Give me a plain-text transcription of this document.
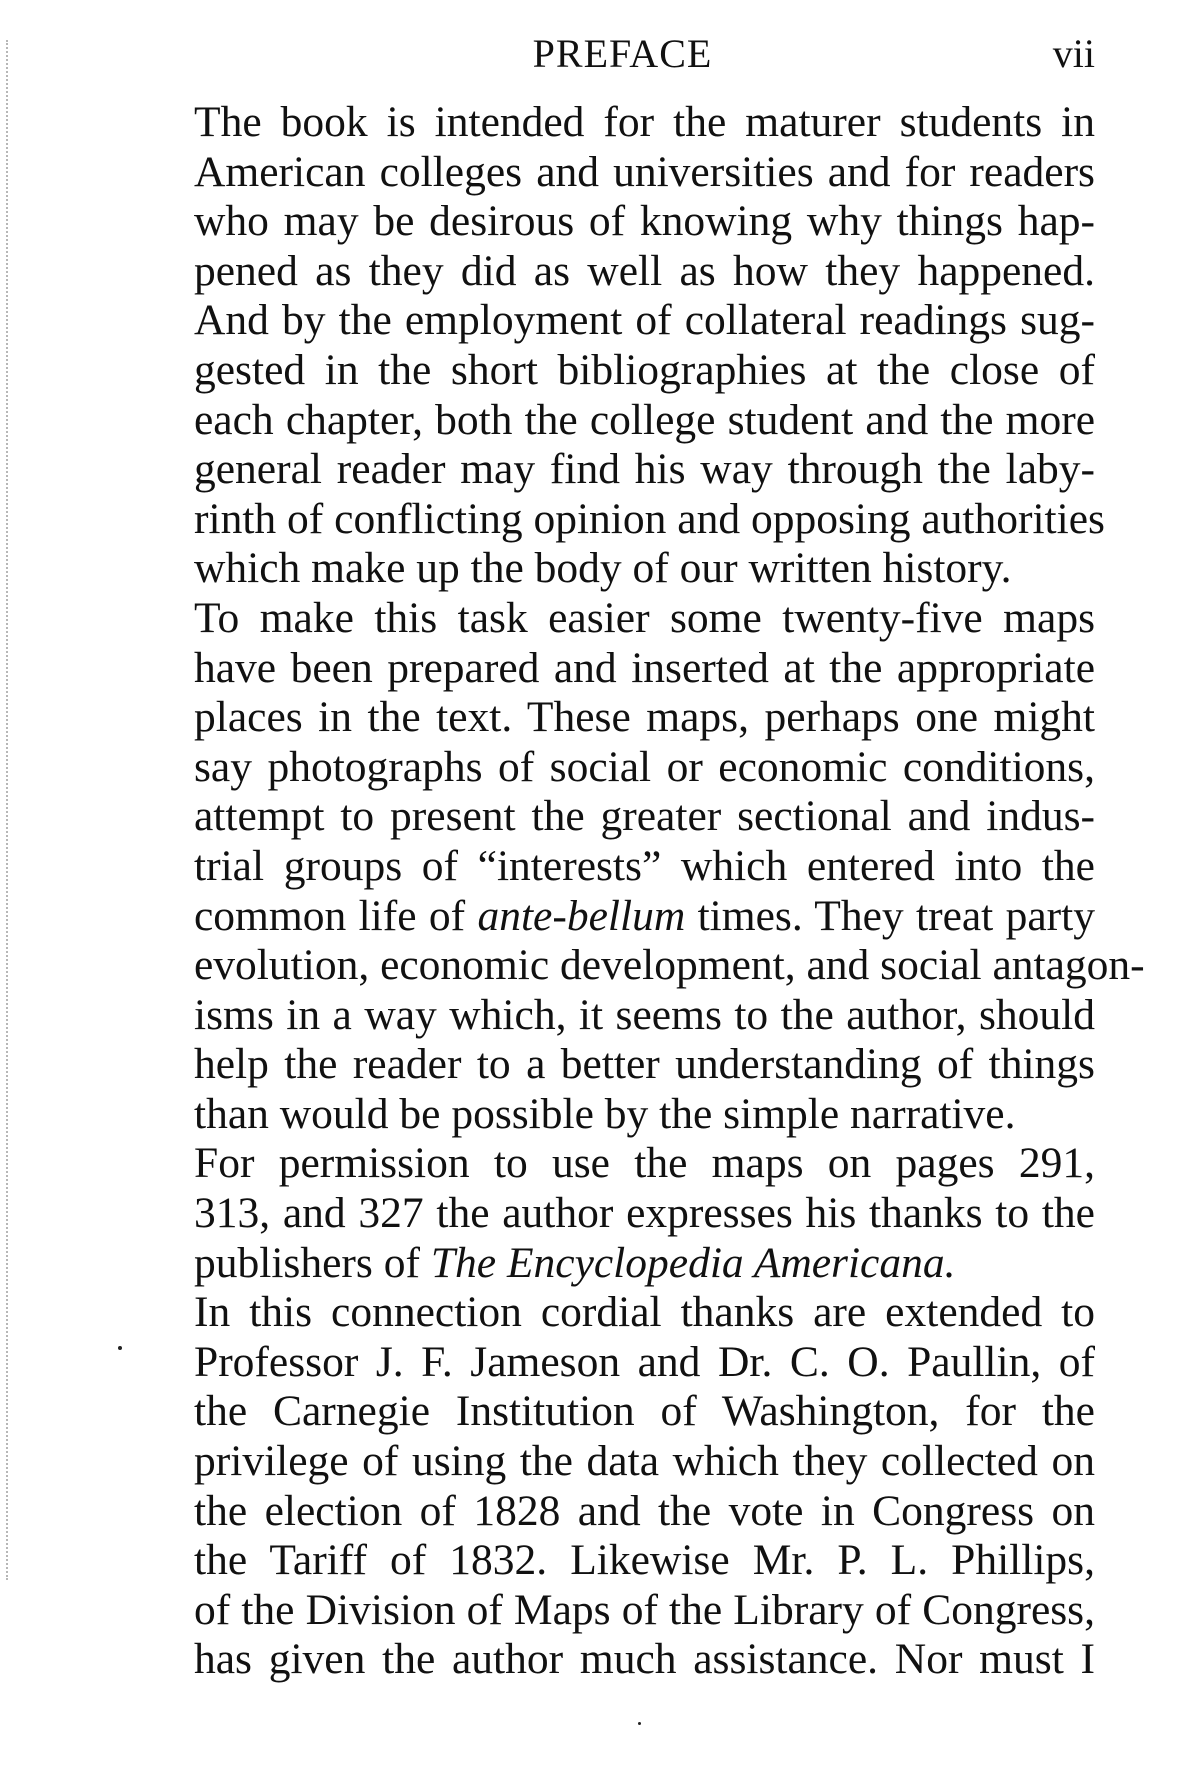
PREFACE	vii

The book is intended for the maturer students in
American colleges and universities and for readers
who may be desirous of knowing why things hap-
pened as they did as well as how they happened.
And by the employment of collateral readings sug-
gested in the short bibliographies at the close of
each chapter, both the college student and the more
general reader may find his way through the laby-
rinth of conflicting opinion and opposing authorities
which make up the body of our written history.

To make this task easier some twenty-five maps
have been prepared and inserted at the appropriate
places in the text. These maps, perhaps one might
say photographs of social or economic conditions,
attempt to present the greater sectional and indus-
trial groups of “interests” which entered into the
common life of ante-bellum times. They treat party
evolution, economic development, and social antagon-
isms in a way which, it seems to the author, should
help the reader to a better understanding of things
than would be possible by the simple narrative.

For permission to use the maps on pages 291,
313, and 327 the author expresses his thanks to the
publishers of The Encyclopedia Americana.

In this connection cordial thanks are extended to
Professor J. F. Jameson and Dr. C. O. Paullin, of
the Carnegie Institution of Washington, for the
privilege of using the data which they collected on
the election of 1828 and the vote in Congress on
the Tariff of 1832. Likewise Mr. P. L. Phillips,
of the Division of Maps of the Library of Congress,
has given the author much assistance. Nor must I
